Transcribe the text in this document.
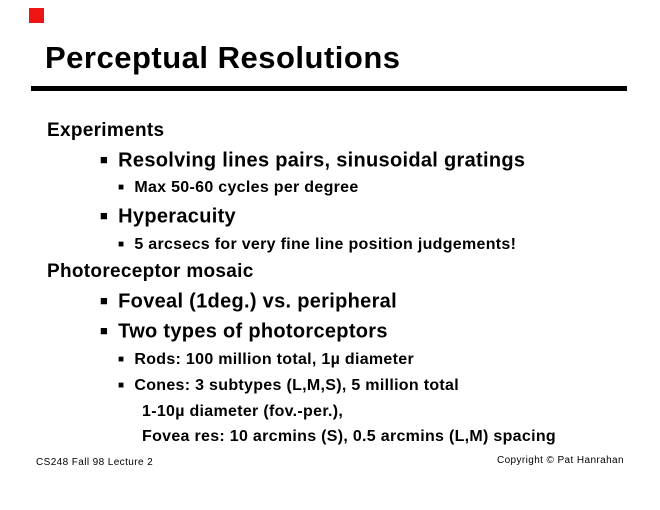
Perceptual Resolutions
Experiments
■ Resolving lines pairs, sinusoidal gratings
■ Max 50-60 cycles per degree
■ Hyperacuity
■ 5 arcsecs for very fine line position judgements!
Photoreceptor mosaic
■ Foveal (1deg.) vs. peripheral
■ Two types of photorceptors
■ Rods: 100 million total, 1µ diameter
■ Cones: 3 subtypes (L,M,S), 5 million total
1-10µ diameter (fov.-per.),
Fovea res: 10 arcmins (S), 0.5 arcmins (L,M) spacing
CS248 Fall 98 Lecture 2	Copyright © Pat Hanrahan
